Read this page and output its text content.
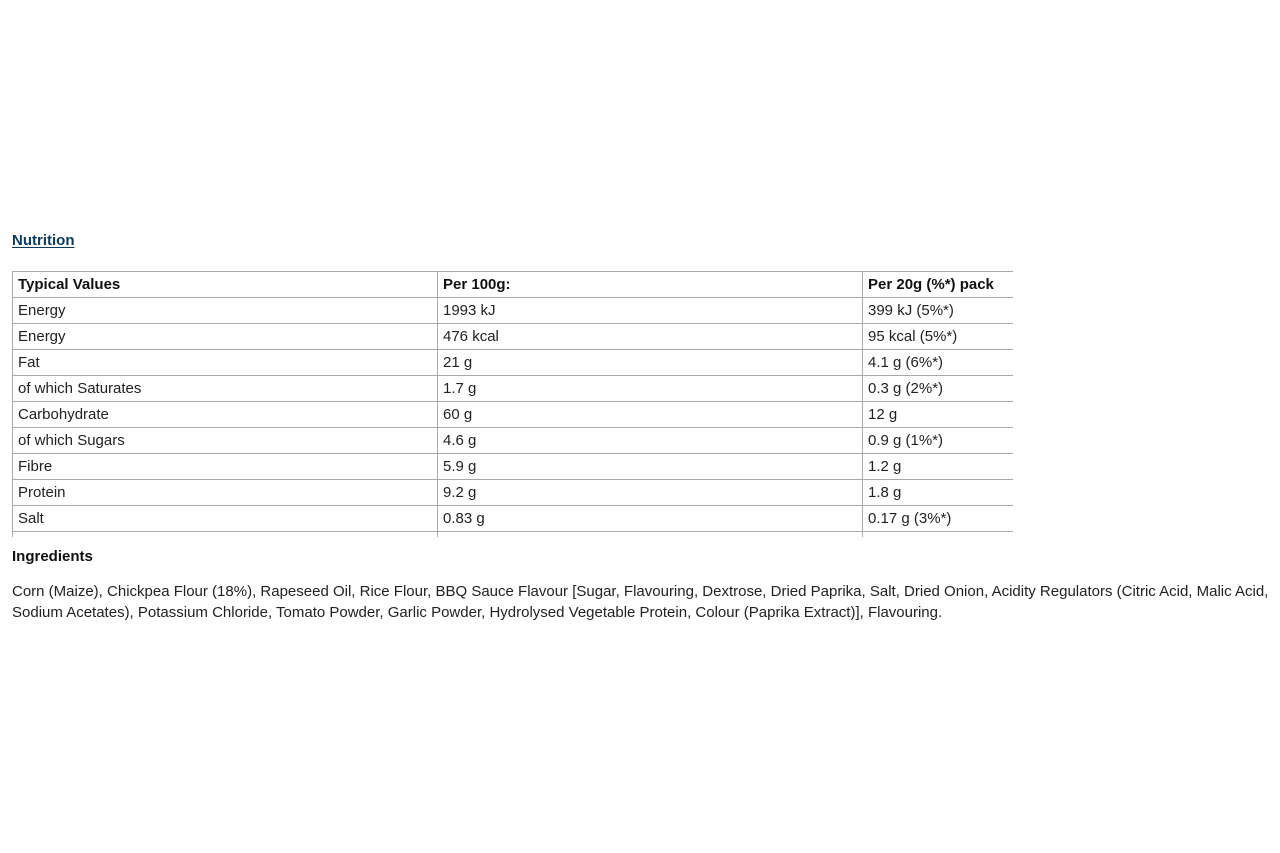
Nutrition
Typical Values	Per 100g:	Per 20g (%*) pack
Energy	1993 kJ	399 kJ (5%*)
Energy	476 kcal	95 kcal (5%*)
Fat	21 g	4.1 g (6%*)
of which Saturates	1.7 g	0.3 g (2%*)
Carbohydrate	60 g	12 g
of which Sugars	4.6 g	0.9 g (1%*)
Fibre	5.9 g	1.2 g
Protein	9.2 g	1.8 g
Salt	0.83 g	0.17 g (3%*)

Ingredients

Corn (Maize), Chickpea Flour (18%), Rapeseed Oil, Rice Flour, BBQ Sauce Flavour [Sugar, Flavouring, Dextrose, Dried Paprika, Salt, Dried Onion, Acidity Regulators (Citric Acid, Malic Acid, Sodium Acetates), Potassium Chloride, Tomato Powder, Garlic Powder, Hydrolysed Vegetable Protein, Colour (Paprika Extract)], Flavouring.
